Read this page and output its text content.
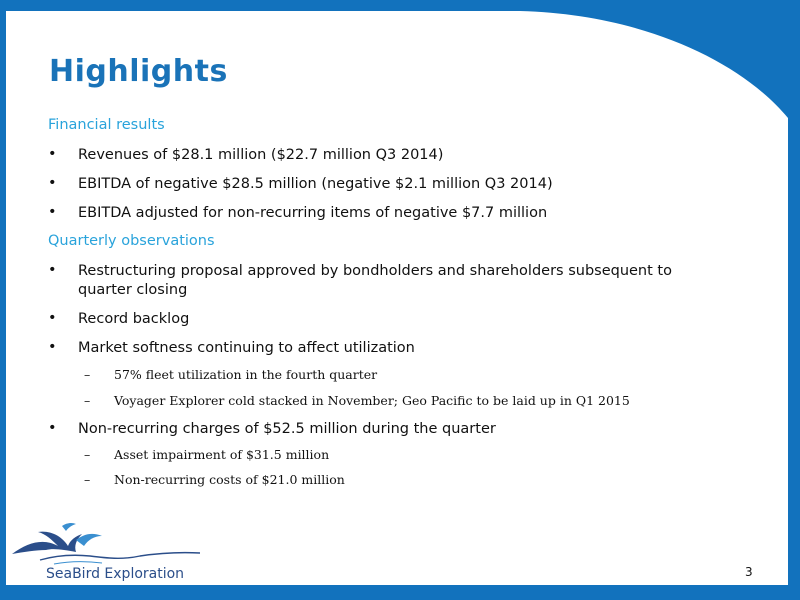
Highlights
Financial results
• Revenues of $28.1 million ($22.7 million Q3 2014)
• EBITDA of negative $28.5 million (negative $2.1 million Q3 2014)
• EBITDA adjusted for non-recurring items of negative $7.7 million
Quarterly observations
• Restructuring proposal approved by bondholders and shareholders subsequent to quarter closing
• Record backlog
• Market softness continuing to affect utilization
– 57% fleet utilization in the fourth quarter
– Voyager Explorer cold stacked in November; Geo Pacific to be laid up in Q1 2015
• Non-recurring charges of $52.5 million during the quarter
– Asset impairment of $31.5 million
– Non-recurring costs of $21.0 million
SeaBird Exploration	3
